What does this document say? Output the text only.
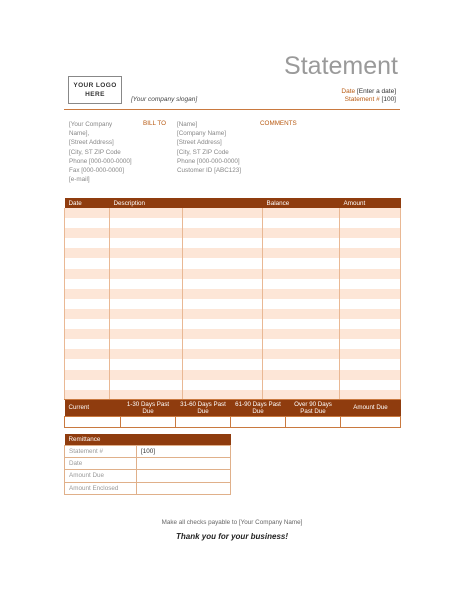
Statement
YOUR LOGO
HERE
[Your company slogan]
Date [Enter a date]
Statement # [100]
[Your Company
Name],
[Street Address]
[City, ST ZIP Code
Phone [000-000-0000]
Fax [000-000-0000]
[e-mail]
BILL TO [Name]
[Company Name]
[Street Address]
[City, ST ZIP Code
Phone [000-000-0000]
Customer ID [ABC123]
COMMENTS
Date	Description		Balance	Amount

Current	1-30 Days Past Due	31-60 Days Past Due	61-90 Days Past Due	Over 90 Days Past Due	Amount Due

Remittance	
Statement #	[100]
Date	
Amount Due	
Amount Enclosed	
Make all checks payable to [Your Company Name]
Thank you for your business!
